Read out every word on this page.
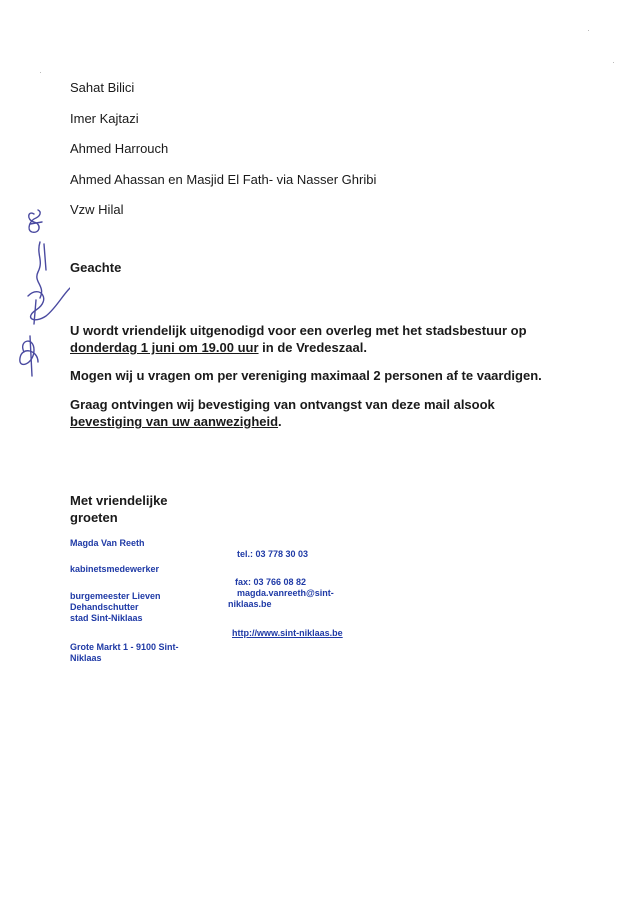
Sahat Bilici
Imer Kajtazi
Ahmed Harrouch
Ahmed Ahassan en Masjid El Fath- via Nasser Ghribi
Vzw Hilal
Geachte
U wordt vriendelijk uitgenodigd voor een overleg met het stadsbestuur op
donderdag 1 juni om 19.00 uur in de Vredeszaal.
Mogen wij u vragen om per vereniging maximaal 2 personen af te vaardigen.
Graag ontvingen wij bevestiging van ontvangst van deze mail alsook
bevestiging van uw aanwezigheid.
Met vriendelijke
groeten
Magda Van Reeth
kabinetsmedewerker
burgemeester Lieven
Dehandschutter
stad Sint-Niklaas
Grote Markt 1 - 9100 Sint-
Niklaas
tel.: 03 778 30 03
fax: 03 766 08 82
magda.vanreeth@sint-
niklaas.be
http://www.sint-niklaas.be
